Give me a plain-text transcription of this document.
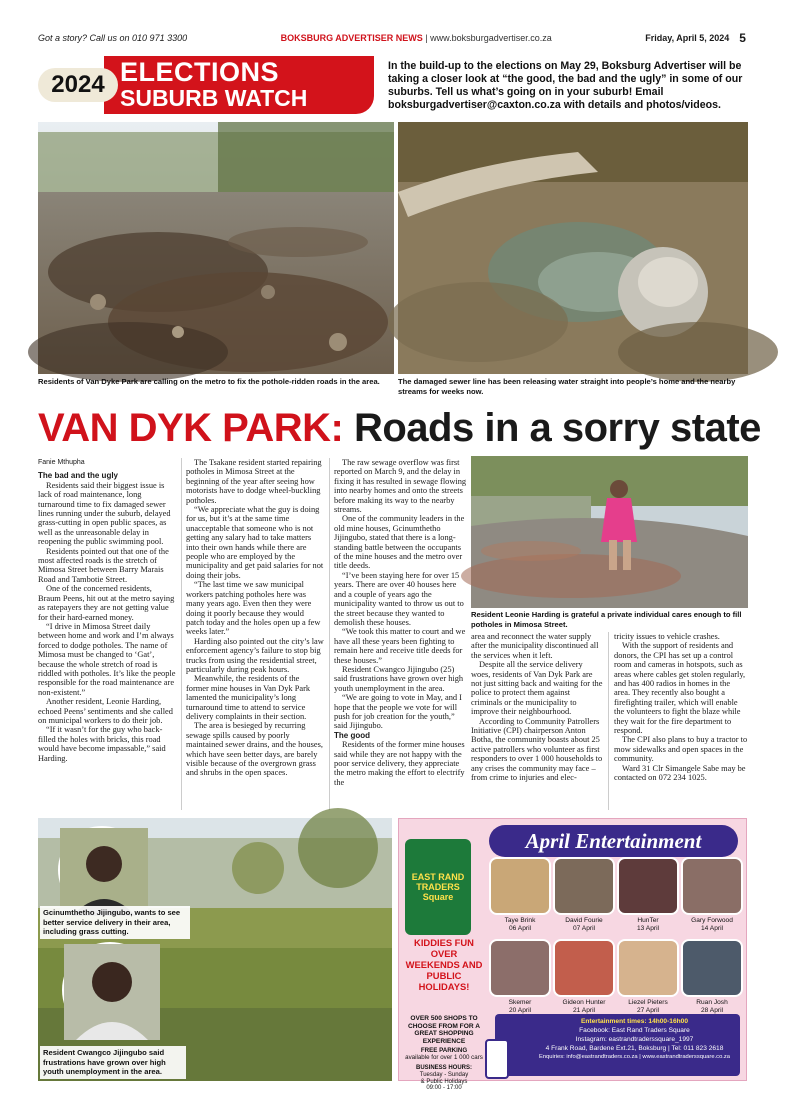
Got a story? Call us on 010 971 3300	BOKSBURG ADVERTISER NEWS | www.boksburgadvertiser.co.za	Friday, April 5, 2024 5
2024 ELECTIONS
SUBURB WATCH
In the build-up to the elections on May 29, Boksburg Advertiser will be taking a closer look at “the good, the bad and the ugly” in some of our suburbs. Tell us what’s going on in your suburb! Email boksburgadvertiser@caxton.co.za with details and photos/videos.
Residents of Van Dyke Park are calling on the metro to fix the pothole-ridden roads in the area.	The damaged sewer line has been releasing water straight into people’s home and the nearby streams for weeks now.
VAN DYK PARK: Roads in a sorry state

Fanie Mthupha

The bad and the ugly

Residents said their biggest issue is lack of road maintenance, long turnaround time to fix damaged sewer lines running under the suburb, delayed grass-cutting in open public spaces, as well as the unreasonable delay in reopening the public swimming pool.

Residents pointed out that one of the most affected roads is the stretch of Mimosa Street between Barry Marais Road and Tambotie Street.

One of the concerned residents, Braum Peens, hit out at the metro saying as ratepayers they are not getting value for their hard-earned money.

“I drive in Mimosa Street daily between home and work and I’m always forced to dodge potholes. The name of Mimosa must be changed to ‘Gat’, because the whole stretch of road is riddled with potholes. It’s like the people responsible for the road maintenance are non-existent.”

Another resident, Leonie Harding, echoed Peens’ sentiments and she called on municipal workers to do their job.

“If it wasn’t for the guy who back-filled the holes with bricks, this road would have become impassable,” said Harding.

The Tsakane resident started repairing potholes in Mimosa Street at the beginning of the year after seeing how motorists have to dodge wheel-buckling potholes.

“We appreciate what the guy is doing for us, but it’s at the same time unacceptable that someone who is not getting any salary had to take matters into their own hands while there are people who are employed by the municipality and get paid salaries for not doing their jobs.

“The last time we saw municipal workers patching potholes here was many years ago. Even then they were doing it poorly because they would patch today and the holes open up a few weeks later.”

Harding also pointed out the city’s law enforcement agency’s failure to stop big trucks from using the residential street, particularly during peak hours.

Meanwhile, the residents of the former mine houses in Van Dyk Park lamented the municipality’s long turnaround time to attend to service delivery complaints in their section.

The area is besieged by recurring sewage spills caused by poorly maintained sewer drains, and the houses, which have seen better days, are barely visible because of the overgrown grass and shrubs in the open spaces.

The raw sewage overflow was first reported on March 9, and the delay in fixing it has resulted in sewage flowing into nearby homes and onto the streets before making its way to the nearby streams.

One of the community leaders in the old mine houses, Gcinumthetho Jijingubo, stated that there is a long-standing battle between the occupants of the mine houses and the metro over title deeds.

“I’ve been staying here for over 15 years. There are over 40 houses here and a couple of years ago the municipality wanted to throw us out to the street because they wanted to demolish these houses.

“We took this matter to court and we have all these years been fighting to remain here and receive title deeds for these houses.”

Resident Cwangco Jijingubo (25) said frustrations have grown over high youth unemployment in the area.

“We are going to vote in May, and I hope that the people we vote for will push for job creation for the youth,” said Jijingubo.

The good

Residents of the former mine houses said while they are not happy with the poor service delivery, they appreciate the metro making the effort to electrify the

Resident Leonie Harding is grateful a private individual cares enough to fill potholes in Mimosa Street.

area and reconnect the water supply after the municipality discontinued all the services when it left.

Despite all the service delivery woes, residents of Van Dyk Park are not just sitting back and waiting for the police to protect them against criminals or the municipality to improve their neighbourhood.

According to Community Patrollers Initiative (CPI) chairperson Anton Botha, the community boasts about 25 active patrollers who volunteer as first responders to over 1 000 households to any crises the community may face – from crime to injuries and elec-

tricity issues to vehicle crashes.

With the support of residents and donors, the CPI has set up a control room and cameras in hotspots, such as areas where cables get stolen regularly, and has 400 radios in homes in the area. They recently also bought a firefighting trailer, which will enable the volunteers to fight the blaze while they wait for the fire department to respond.

The CPI also plans to buy a tractor to mow sidewalks and open spaces in the community.

Ward 31 Clr Simangele Sabe may be contacted on 072 234 1025.

Gcinumthetho Jijingubo, wants to see better service delivery in their area, including grass cutting.
Resident Cwangco Jijingubo said frustrations have grown over high youth unemployment in the area.
EAST RAND TRADERS Square
April Entertainment
KIDDIES FUN OVER WEEKENDS AND PUBLIC HOLIDAYS!
OVER 500 SHOPS TO CHOOSE FROM FOR A GREAT SHOPPING EXPERIENCE
FREE PARKING
available for over 1 000 cars
BUSINESS HOURS:
Tuesday - Sunday
& Public Holidays
09:00 - 17:00
Taye Brink
06 April
David Fourie
07 April
HunTer
13 April
Gary Forwood
14 April
Skemer
20 April
Gideon Hunter
21 April
Liezel Pieters
27 April
Ruan Josh
28 April
Entertainment times: 14h00-16h00
Facebook: East Rand Traders Square
Instagram: eastrandtraderssquare_1997
4 Frank Road, Bardene Ext.21, Boksburg | Tel: 011 823 2618
Enquiries: info@eastrandtraders.co.za | www.eastrandtraderssquare.co.za
